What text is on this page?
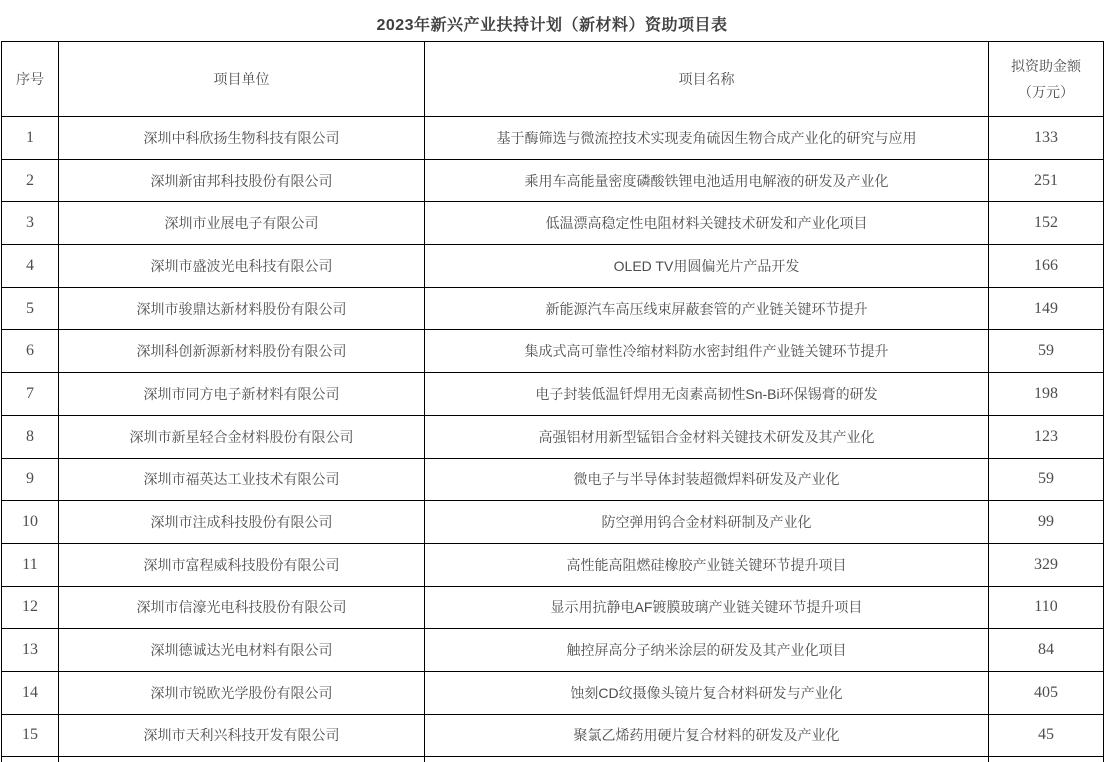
2023年新兴产业扶持计划（新材料）资助项目表
序号	项目单位	项目名称	拟资助金额
（万元）

1	深圳中科欣扬生物科技有限公司	基于酶筛选与微流控技术实现麦角硫因生物合成产业化的研究与应用	133
2	深圳新宙邦科技股份有限公司	乘用车高能量密度磷酸铁锂电池适用电解液的研发及产业化	251
3	深圳市业展电子有限公司	低温漂高稳定性电阻材料关键技术研发和产业化项目	152
4	深圳市盛波光电科技有限公司	OLED TV用圆偏光片产品开发	166
5	深圳市骏鼎达新材料股份有限公司	新能源汽车高压线束屏蔽套管的产业链关键环节提升	149
6	深圳科创新源新材料股份有限公司	集成式高可靠性冷缩材料防水密封组件产业链关键环节提升	59
7	深圳市同方电子新材料有限公司	电子封装低温钎焊用无卤素高韧性Sn-Bi环保锡膏的研发	198
8	深圳市新星轻合金材料股份有限公司	高强铝材用新型锰铝合金材料关键技术研发及其产业化	123
9	深圳市福英达工业技术有限公司	微电子与半导体封装超微焊料研发及产业化	59
10	深圳市注成科技股份有限公司	防空弹用钨合金材料研制及产业化	99
11	深圳市富程威科技股份有限公司	高性能高阻燃硅橡胶产业链关键环节提升项目	329
12	深圳市信濠光电科技股份有限公司	显示用抗静电AF镀膜玻璃产业链关键环节提升项目	110
13	深圳德诚达光电材料有限公司	触控屏高分子纳米涂层的研发及其产业化项目	84
14	深圳市锐欧光学股份有限公司	蚀刻CD纹摄像头镜片复合材料研发与产业化	405
15	深圳市天利兴科技开发有限公司	聚氯乙烯药用硬片复合材料的研发及产业化	45
